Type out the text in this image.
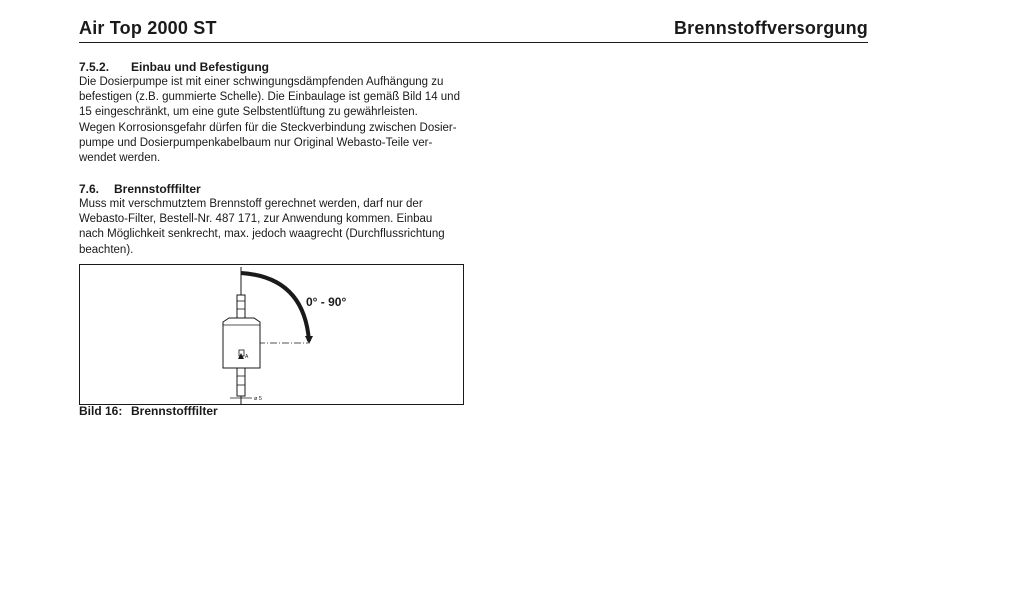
Air Top 2000 ST	Brennstoffversorgung
7.5.2. Einbau und Befestigung
Die Dosierpumpe ist mit einer schwingungsdämpfenden Aufhängung zu
befestigen (z.B. gummierte Schelle). Die Einbaulage ist gemäß Bild 14 und
15 eingeschränkt, um eine gute Selbstentlüftung zu gewährleisten.
Wegen Korrosionsgefahr dürfen für die Steckverbindung zwischen Dosier-
pumpe und Dosierpumpenkabelbaum nur Original Webasto-Teile ver-
wendet werden.
7.6. Brennstofffilter
Muss mit verschmutztem Brennstoff gerechnet werden, darf nur der
Webasto-Filter, Bestell-Nr. 487 171, zur Anwendung kommen. Einbau
nach Möglichkeit senkrecht, max. jedoch waagrecht (Durchflussrichtung
beachten).
A
ø 5
0° - 90°
Bild 16: Brennstofffilter
